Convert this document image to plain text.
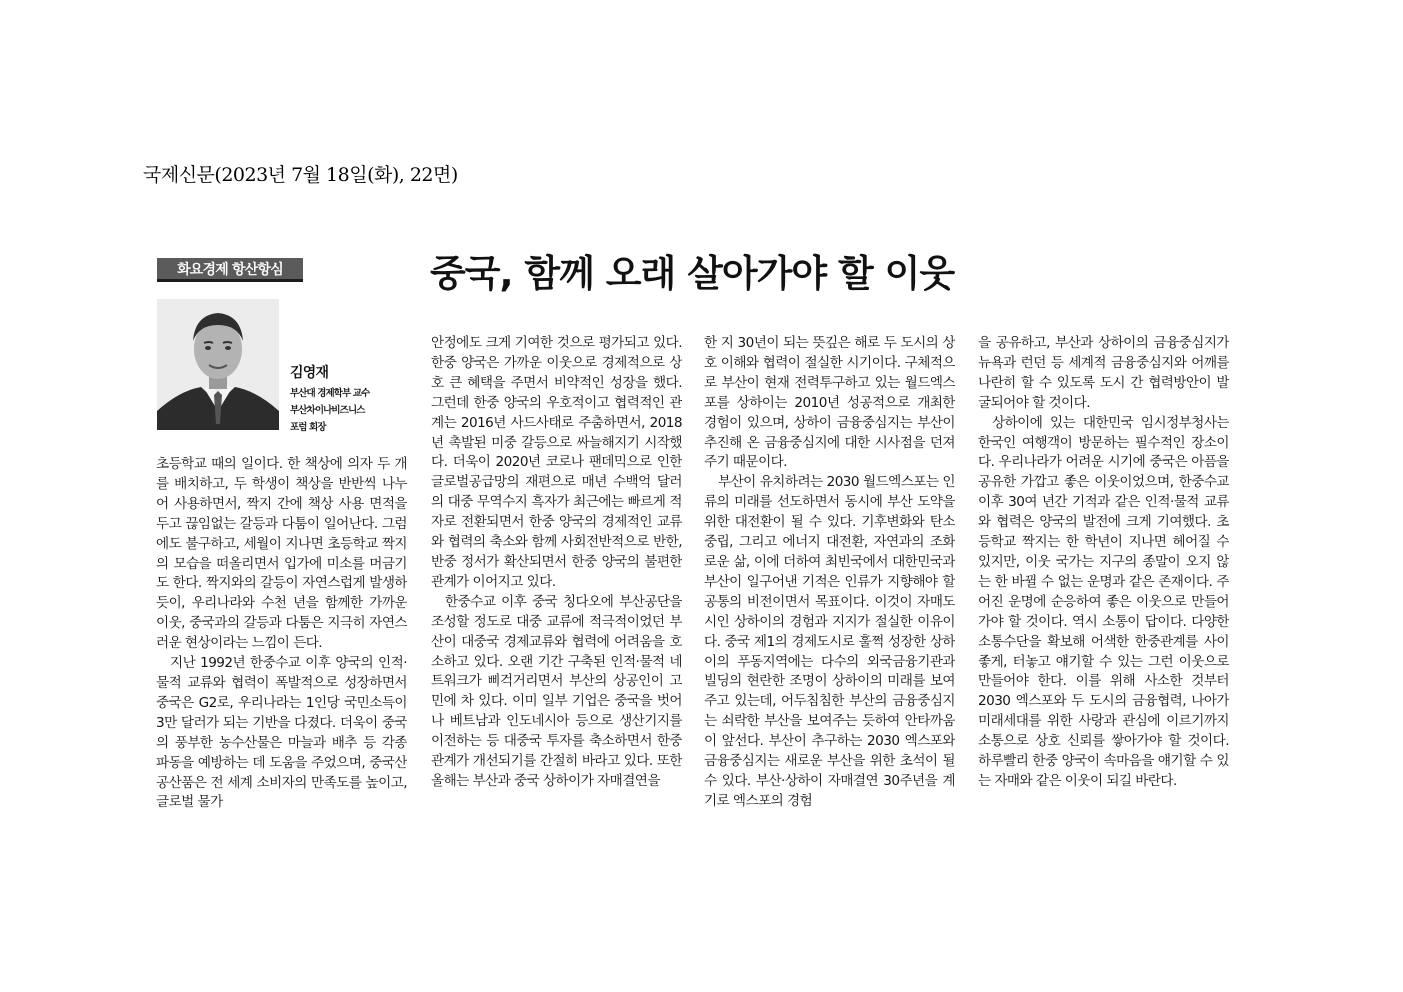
국제신문(2023년 7월 18일(화), 22면)
화요경제 항산항심	중국, 함께 오래 살아가야 할 이웃
김영재
부산대 경제학부 교수
부산차이나비즈니스
포럼 회장

초등학교 때의 일이다. 한 책상에 의자 두 개를 배치하고, 두 학생이 책상을 반반씩 나누어 사용하면서, 짝지 간에 책상 사용 면적을 두고 끊임없는 갈등과 다툼이 일어난다. 그럼에도 불구하고, 세월이 지나면 초등학교 짝지의 모습을 떠올리면서 입가에 미소를 머금기도 한다. 짝지와의 갈등이 자연스럽게 발생하듯이, 우리나라와 수천 년을 함께한 가까운 이웃, 중국과의 갈등과 다툼은 지극히 자연스러운 현상이라는 느낌이 든다.

지난 1992년 한중수교 이후 양국의 인적·물적 교류와 협력이 폭발적으로 성장하면서 중국은 G2로, 우리나라는 1인당 국민소득이 3만 달러가 되는 기반을 다졌다. 더욱이 중국의 풍부한 농수산물은 마늘과 배추 등 각종 파동을 예방하는 데 도움을 주었으며, 중국산 공산품은 전 세계 소비자의 만족도를 높이고, 글로벌 물가

안정에도 크게 기여한 것으로 평가되고 있다. 한중 양국은 가까운 이웃으로 경제적으로 상호 큰 혜택을 주면서 비약적인 성장을 했다. 그런데 한중 양국의 우호적이고 협력적인 관계는 2016년 사드사태로 주춤하면서, 2018년 촉발된 미중 갈등으로 싸늘해지기 시작했다. 더욱이 2020년 코로나 팬데믹으로 인한 글로벌공급망의 재편으로 매년 수백억 달러의 대중 무역수지 흑자가 최근에는 빠르게 적자로 전환되면서 한중 양국의 경제적인 교류와 협력의 축소와 함께 사회전반적으로 반한, 반중 정서가 확산되면서 한중 양국의 불편한 관계가 이어지고 있다.

한중수교 이후 중국 칭다오에 부산공단을 조성할 정도로 대중 교류에 적극적이었던 부산이 대중국 경제교류와 협력에 어려움을 호소하고 있다. 오랜 기간 구축된 인적·물적 네트워크가 삐걱거리면서 부산의 상공인이 고민에 차 있다. 이미 일부 기업은 중국을 벗어나 베트남과 인도네시아 등으로 생산기지를 이전하는 등 대중국 투자를 축소하면서 한중 관계가 개선되기를 간절히 바라고 있다. 또한 올해는 부산과 중국 상하이가 자매결연을

한 지 30년이 되는 뜻깊은 해로 두 도시의 상호 이해와 협력이 절실한 시기이다. 구체적으로 부산이 현재 전력투구하고 있는 월드엑스포를 상하이는 2010년 성공적으로 개최한 경험이 있으며, 상하이 금융중심지는 부산이 추진해 온 금융중심지에 대한 시사점을 던져주기 때문이다.

부산이 유치하려는 2030 월드엑스포는 인류의 미래를 선도하면서 동시에 부산 도약을 위한 대전환이 될 수 있다. 기후변화와 탄소중립, 그리고 에너지 대전환, 자연과의 조화로운 삶, 이에 더하여 최빈국에서 대한민국과 부산이 일구어낸 기적은 인류가 지향해야 할 공통의 비전이면서 목표이다. 이것이 자매도시인 상하이의 경험과 지지가 절실한 이유이다. 중국 제1의 경제도시로 훌쩍 성장한 상하이의 푸동지역에는 다수의 외국금융기관과 빌딩의 현란한 조명이 상하이의 미래를 보여주고 있는데, 어두침침한 부산의 금융중심지는 쇠락한 부산을 보여주는 듯하여 안타까움이 앞선다. 부산이 추구하는 2030 엑스포와 금융중심지는 새로운 부산을 위한 초석이 될 수 있다. 부산·상하이 자매결연 30주년을 계기로 엑스포의 경험

을 공유하고, 부산과 상하이의 금융중심지가 뉴욕과 런던 등 세계적 금융중심지와 어깨를 나란히 할 수 있도록 도시 간 협력방안이 발굴되어야 할 것이다.

상하이에 있는 대한민국 임시정부청사는 한국인 여행객이 방문하는 필수적인 장소이다. 우리나라가 어려운 시기에 중국은 아픔을 공유한 가깝고 좋은 이웃이었으며, 한중수교 이후 30여 년간 기적과 같은 인적·물적 교류와 협력은 양국의 발전에 크게 기여했다. 초등학교 짝지는 한 학년이 지나면 헤어질 수 있지만, 이웃 국가는 지구의 종말이 오지 않는 한 바뀔 수 없는 운명과 같은 존재이다. 주어진 운명에 순응하여 좋은 이웃으로 만들어 가야 할 것이다. 역시 소통이 답이다. 다양한 소통수단을 확보해 어색한 한중관계를 사이좋게, 터놓고 얘기할 수 있는 그런 이웃으로 만들어야 한다. 이를 위해 사소한 것부터 2030 엑스포와 두 도시의 금융협력, 나아가 미래세대를 위한 사랑과 관심에 이르기까지 소통으로 상호 신뢰를 쌓아가야 할 것이다. 하루빨리 한중 양국이 속마음을 얘기할 수 있는 자매와 같은 이웃이 되길 바란다.
